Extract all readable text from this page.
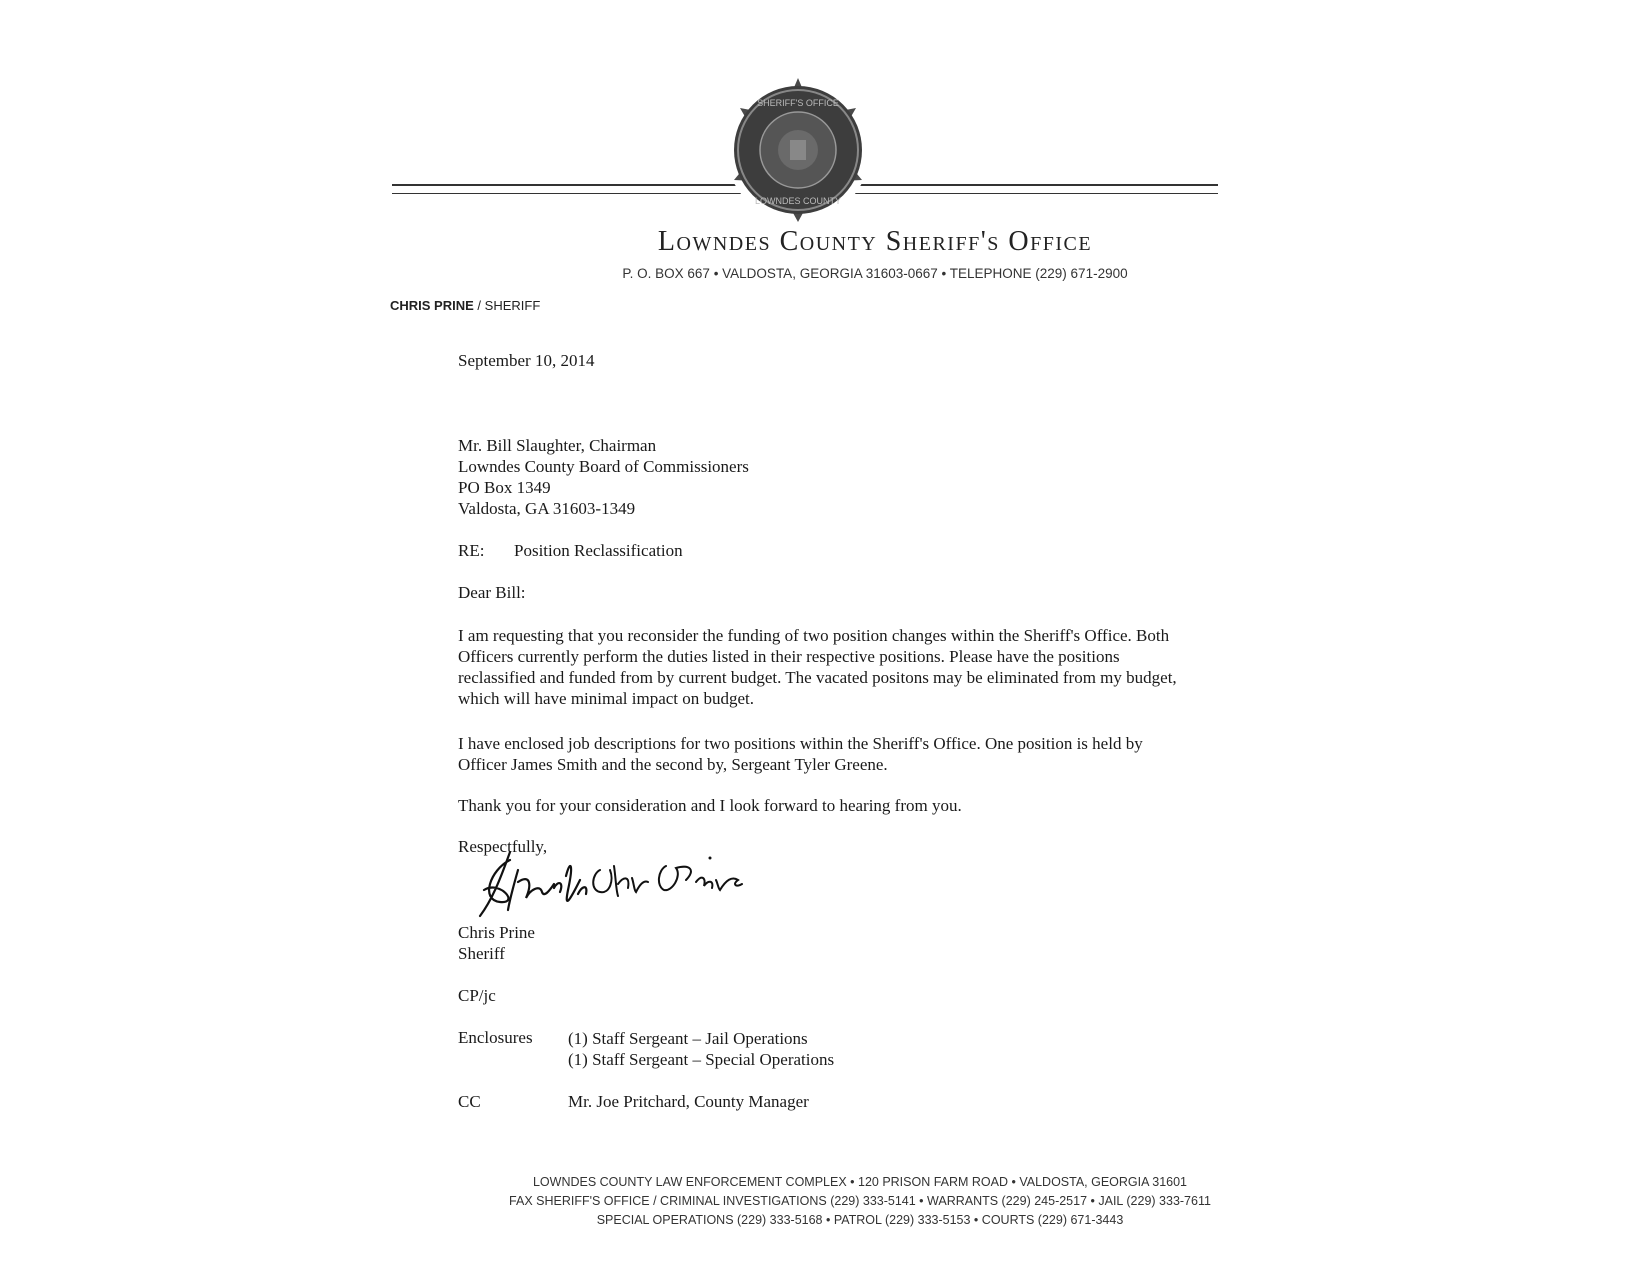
SHERIFF'S OFFICE
LOWNDES COUNTY
Lowndes County Sheriff's Office
P. O. BOX 667 • VALDOSTA, GEORGIA 31603-0667 • TELEPHONE (229) 671-2900
CHRIS PRINE / SHERIFF
September 10, 2014
Mr. Bill Slaughter, Chairman
Lowndes County Board of Commissioners
PO Box 1349
Valdosta, GA 31603-1349
RE: Position Reclassification
Dear Bill:
I am requesting that you reconsider the funding of two position changes within the Sheriff's Office. Both Officers currently perform the duties listed in their respective positions. Please have the positions reclassified and funded from by current budget. The vacated positons may be eliminated from my budget, which will have minimal impact on budget.
I have enclosed job descriptions for two positions within the Sheriff's Office. One position is held by Officer James Smith and the second by, Sergeant Tyler Greene.
Thank you for your consideration and I look forward to hearing from you.
Respectfully,
Chris Prine
Sheriff
CP/jc
Enclosures (1) Staff Sergeant – Jail Operations
(1) Staff Sergeant – Special Operations
CC	Mr. Joe Pritchard, County Manager
LOWNDES COUNTY LAW ENFORCEMENT COMPLEX • 120 PRISON FARM ROAD • VALDOSTA, GEORGIA 31601
FAX SHERIFF'S OFFICE / CRIMINAL INVESTIGATIONS (229) 333-5141 • WARRANTS (229) 245-2517 • JAIL (229) 333-7611
SPECIAL OPERATIONS (229) 333-5168 • PATROL (229) 333-5153 • COURTS (229) 671-3443
